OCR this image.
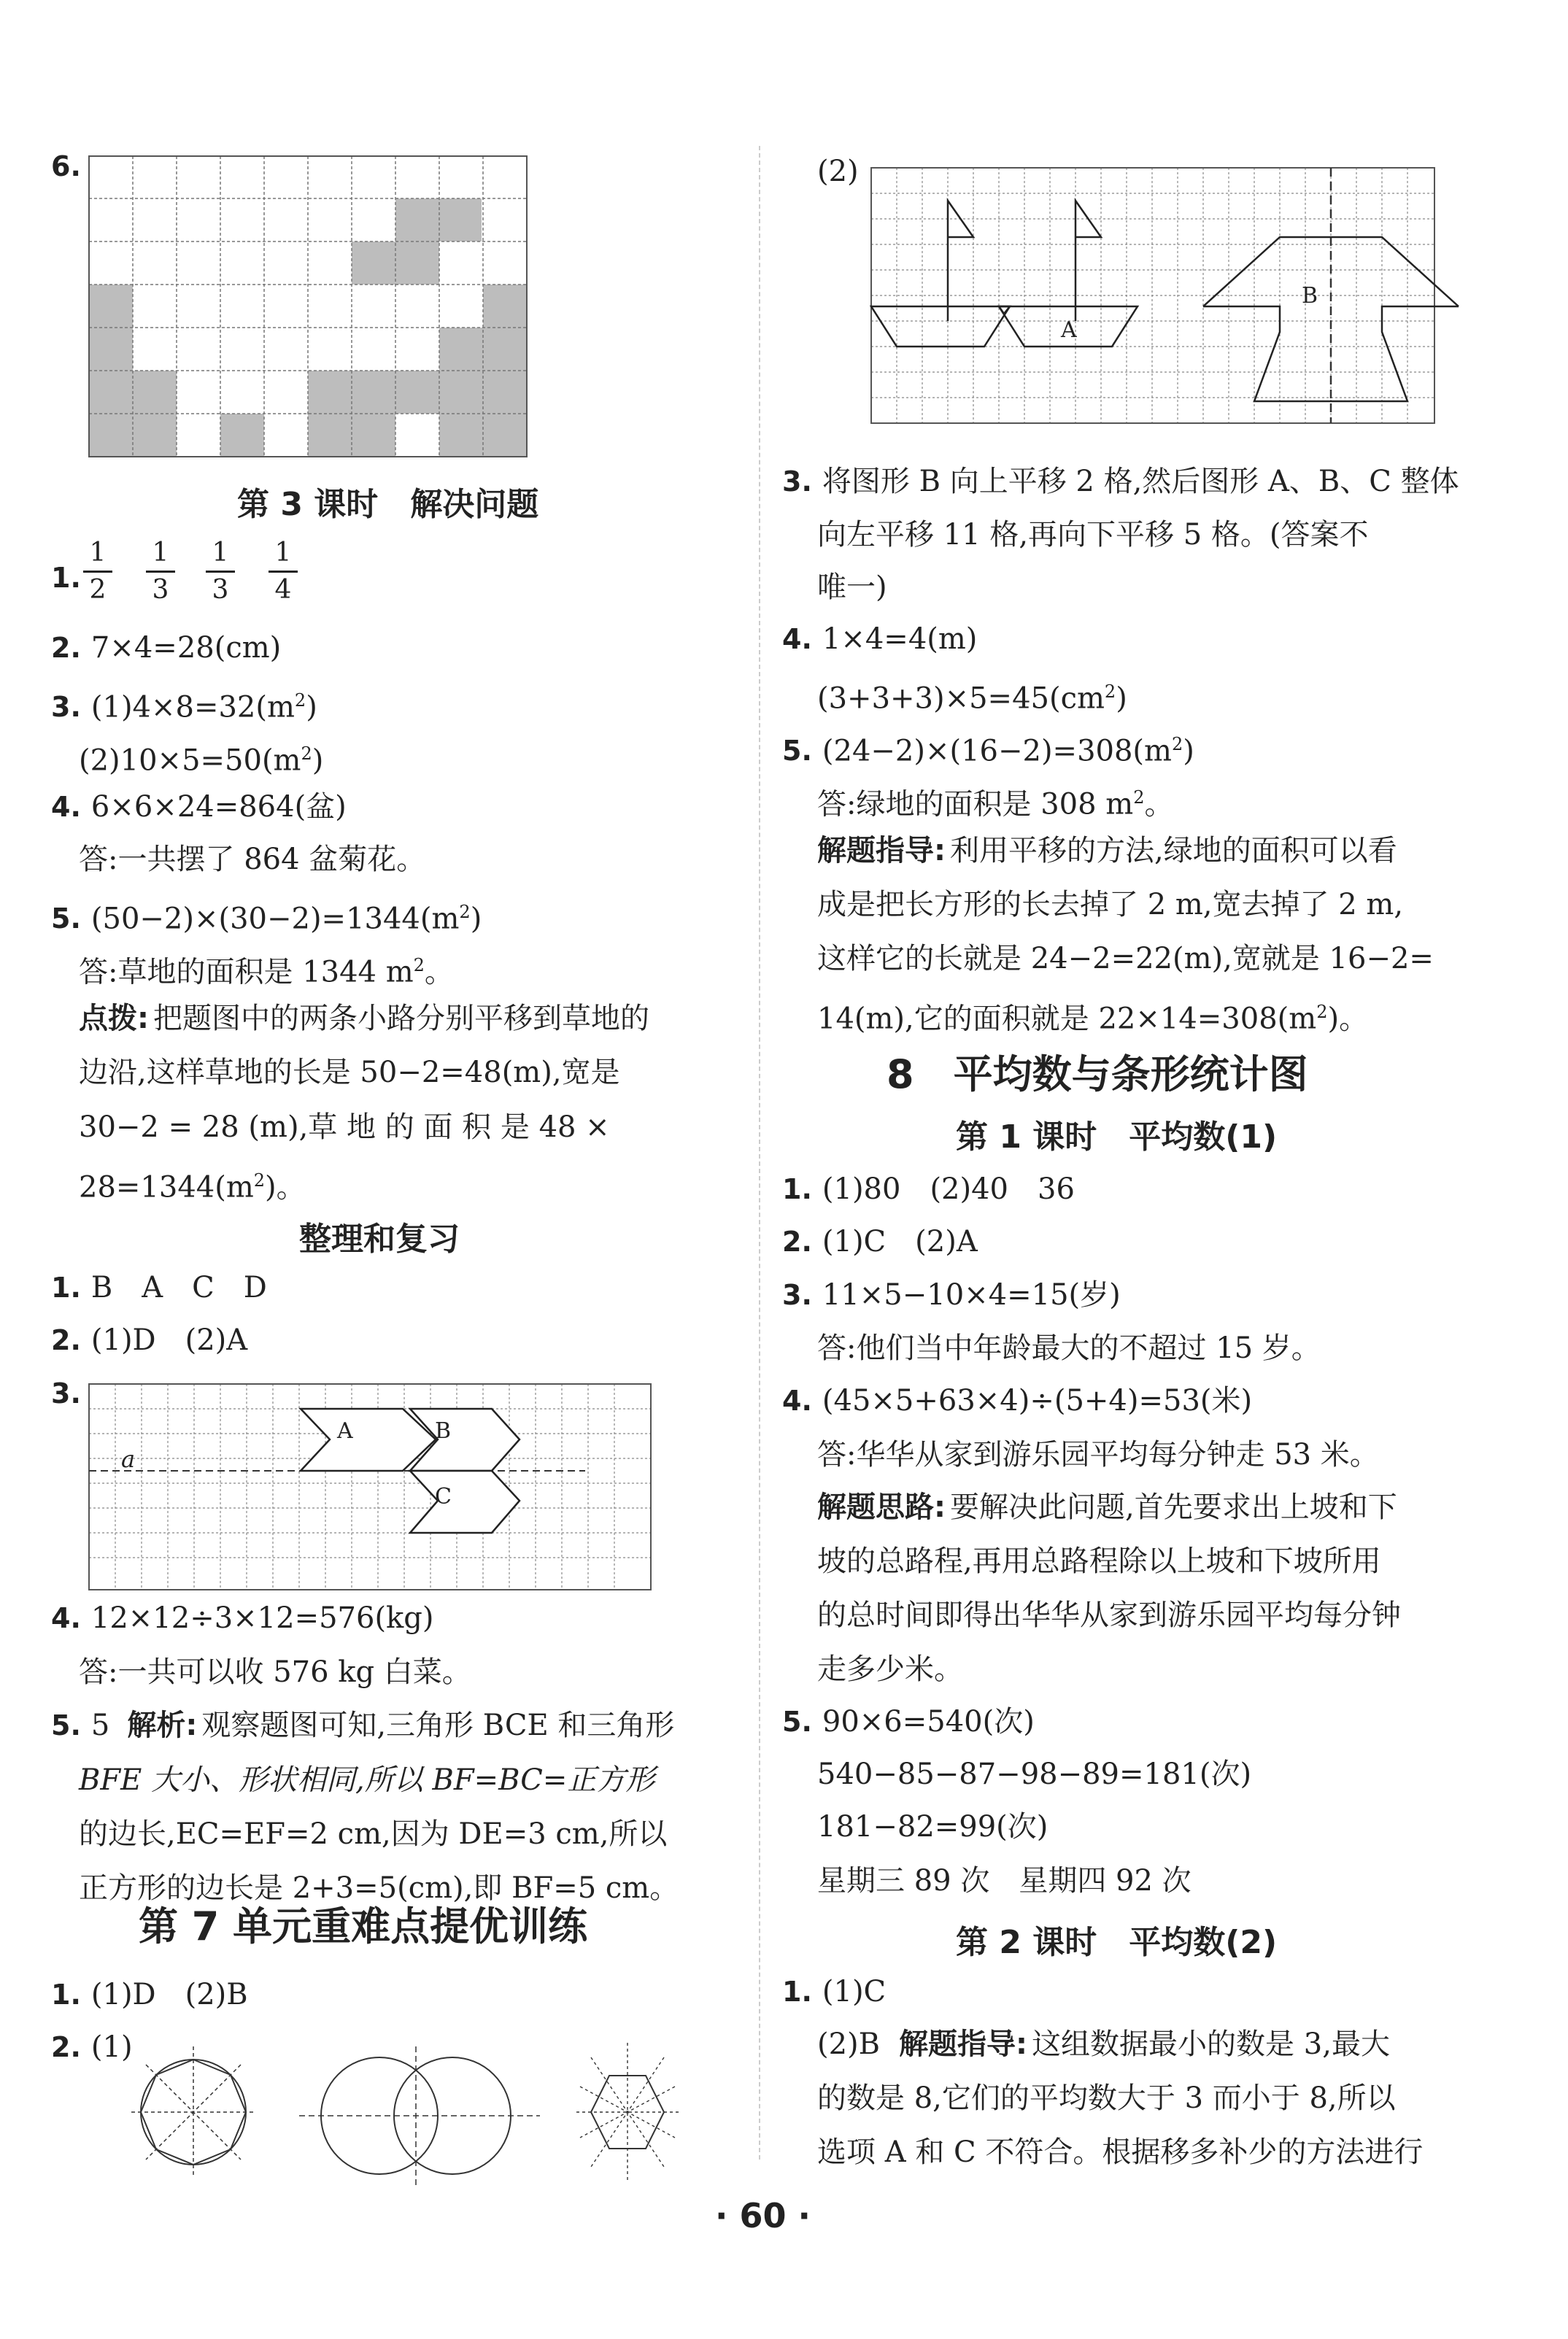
6.
第 3 课时　解决问题
1.
1
2
1
3
1
3
1
4
2. 7×4=28(cm)
3. $(1)4\times 8=32(m^2)$
$(2)10\times 5=50(m^2)$
4. 6×6×24=864(盆)
答:一共摆了 864 盆菊花。
5. $(50-2)\times(30-2)=1344(m^2)$
答:草地的面积是 1344 $m^2$。
点拨: 把题图中的两条小路分别平移到草地的
边沿,这样草地的长是 50−2=48(m),宽是
30−2 = 28 (m),草 地 的 面 积 是 48 ×
$28=1344(m^2)$。
整理和复习
1. B　A　C　D
2. (1)D　(2)A
3.
A	B
C
a
4. 12×12÷3×12=576(kg)
答:一共可以收 576 kg 白菜。
5. 5 解析: 观察题图可知,三角形 BCE 和三角形
BFE 大小、形状相同,所以 BF=BC=正方形
的边长,EC=EF=2 cm,因为 DE=3 cm,所以
正方形的边长是 2+3=5(cm),即 BF=5 cm。
第 7 单元重难点提优训练
1. (1)D　(2)B
2. (1)
(2)
A
B
3. 将图形 B 向上平移 2 格,然后图形 A、B、C 整体
向左平移 11 格,再向下平移 5 格。(答案不
唯一)
4. 1×4=4(m)
$(3+3+3)\times 5=45(cm^2)$
5. $(24-2)\times(16-2)=308(m^2)$
答:绿地的面积是 308 $m^2$。
解题指导: 利用平移的方法,绿地的面积可以看
成是把长方形的长去掉了 2 m,宽去掉了 2 m,
这样它的长就是 24−2=22(m),宽就是 16−2=
14(m),它的面积就是 $22\times 14=308(m^2)$。
8　平均数与条形统计图
第 1 课时　平均数(1)
1. (1)80　(2)40　36
2. (1)C　(2)A
3. 11×5−10×4=15(岁)
答:他们当中年龄最大的不超过 15 岁。
4. (45×5+63×4)÷(5+4)=53(米)
答:华华从家到游乐园平均每分钟走 53 米。
解题思路: 要解决此问题,首先要求出上坡和下
坡的总路程,再用总路程除以上坡和下坡所用
的总时间即得出华华从家到游乐园平均每分钟
走多少米。
5. 90×6=540(次)
540−85−87−98−89=181(次)
181−82=99(次)
星期三 89 次　星期四 92 次
第 2 课时　平均数(2)
1. (1)C
(2)B 解题指导: 这组数据最小的数是 3,最大
的数是 8,它们的平均数大于 3 而小于 8,所以
选项 A 和 C 不符合。根据移多补少的方法进行
· 60 ·
